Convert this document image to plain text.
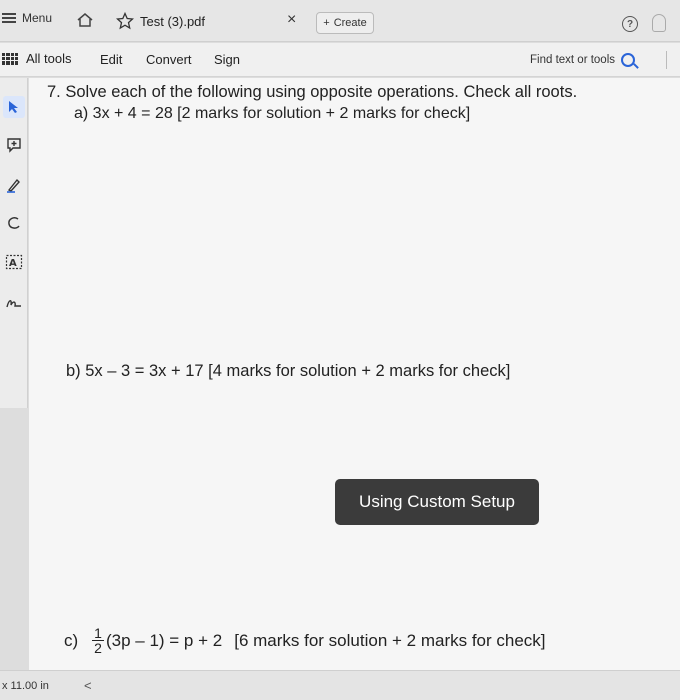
Menu	Test (3).pdf	× + Create	?
All tools Edit Convert Sign	Find text or tools
A
7. Solve each of the following using opposite operations. Check all roots.
a) 3x + 4 = 28 [2 marks for solution + 2 marks for check]
b) 5x – 3 = 3x + 17 [4 marks for solution + 2 marks for check]
$c) \frac{1}{2} (3p - 1) = p + 2$ [6 marks for solution + 2 marks for check]
Using Custom Setup
x 11.00 in	<
